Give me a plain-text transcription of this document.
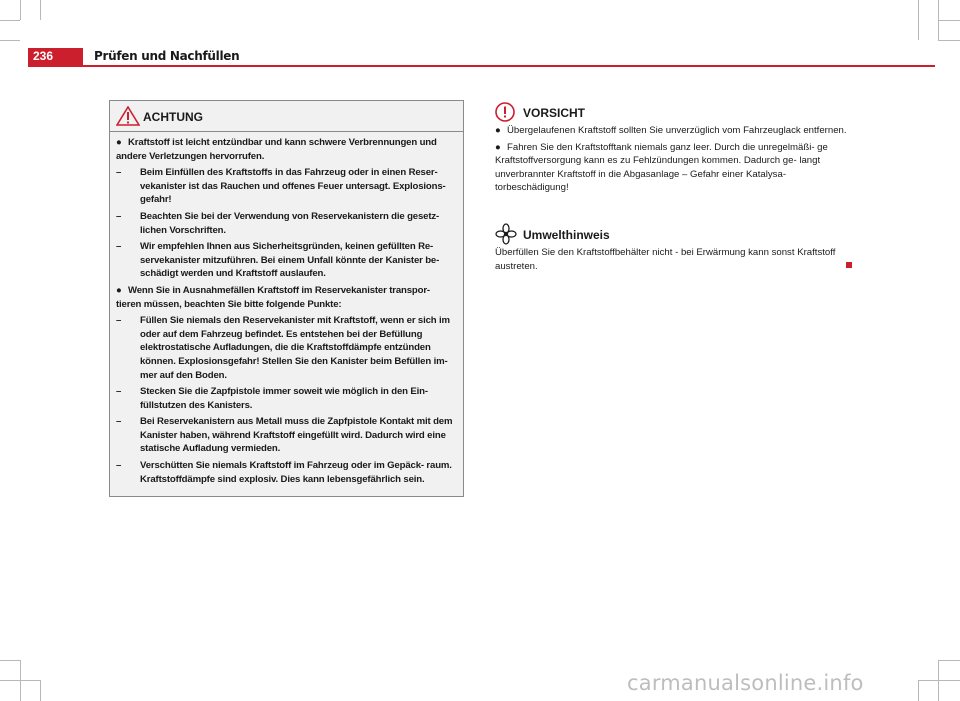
236	Prüfen und Nachfüllen
ACHTUNG

● Kraftstoff ist leicht entzündbar und kann schwere Verbrennungen und andere Verletzungen hervorrufen.

–	Beim Einfüllen des Kraftstoffs in das Fahrzeug oder in einen Reser- vekanister ist das Rauchen und offenes Feuer untersagt. Explosions- gefahr!
–	Beachten Sie bei der Verwendung von Reservekanistern die gesetz- lichen Vorschriften.
–	Wir empfehlen Ihnen aus Sicherheitsgründen, keinen gefüllten Re- servekanister mitzuführen. Bei einem Unfall könnte der Kanister be- schädigt werden und Kraftstoff auslaufen.

● Wenn Sie in Ausnahmefällen Kraftstoff im Reservekanister transpor- tieren müssen, beachten Sie bitte folgende Punkte:

–	Füllen Sie niemals den Reservekanister mit Kraftstoff, wenn er sich im oder auf dem Fahrzeug befindet. Es entstehen bei der Befüllung elektrostatische Aufladungen, die die Kraftstoffdämpfe entzünden können. Explosionsgefahr! Stellen Sie den Kanister beim Befüllen im- mer auf den Boden.
–	Stecken Sie die Zapfpistole immer soweit wie möglich in den Ein- füllstutzen des Kanisters.
–	Bei Reservekanistern aus Metall muss die Zapfpistole Kontakt mit dem Kanister haben, während Kraftstoff eingefüllt wird. Dadurch wird eine statische Aufladung vermieden.
–	Verschütten Sie niemals Kraftstoff im Fahrzeug oder im Gepäck- raum. Kraftstoffdämpfe sind explosiv. Dies kann lebensgefährlich sein.
VORSICHT

● Übergelaufenen Kraftstoff sollten Sie unverzüglich vom Fahrzeuglack entfernen.

● Fahren Sie den Kraftstofftank niemals ganz leer. Durch die unregelmäßi- ge Kraftstoffversorgung kann es zu Fehlzündungen kommen. Dadurch ge- langt unverbrannter Kraftstoff in die Abgasanlage – Gefahr einer Katalysa- torbeschädigung!

Umwelthinweis

Überfüllen Sie den Kraftstoffbehälter nicht - bei Erwärmung kann sonst Kraftstoff austreten.

carmanualsonline.info
